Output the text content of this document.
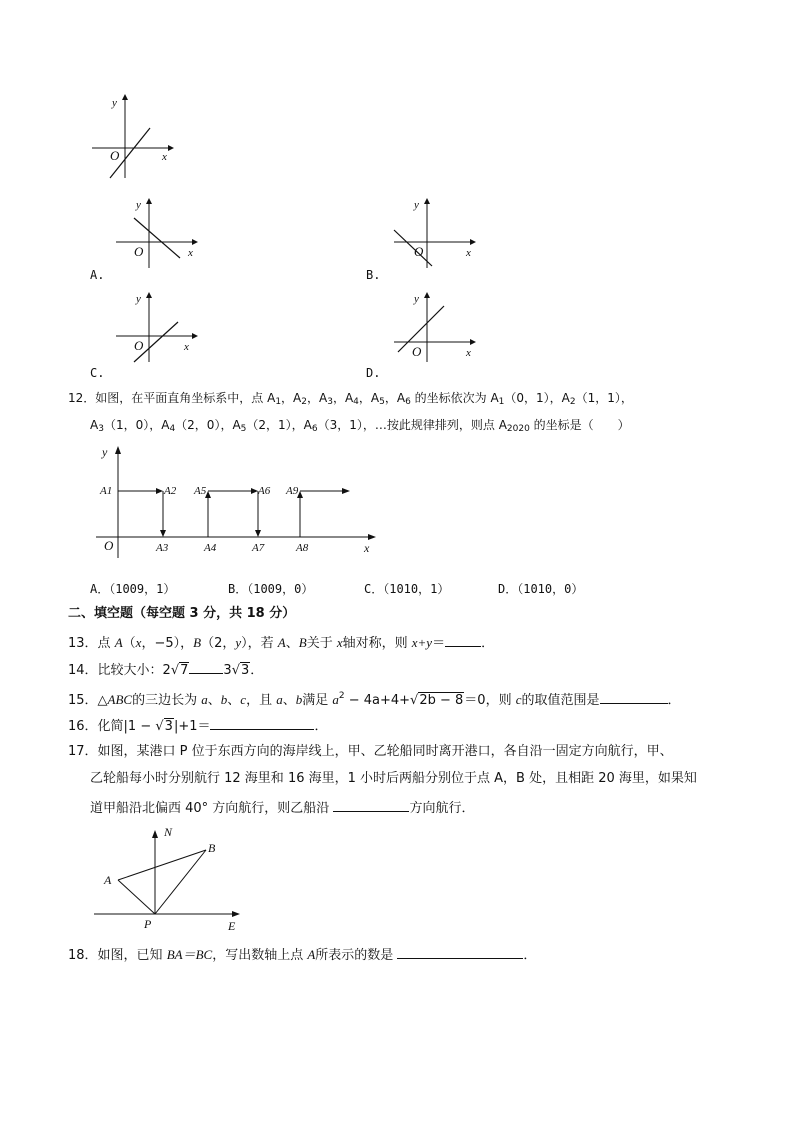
y
x
O
y
x
O
A.
y
x
O
B.
y
x
O
C.
y
x
O
D.
12．如图，在平面直角坐标系中，点 $A_1$，$A_2$，$A_3$，$A_4$，$A_5$，$A_6$ 的坐标依次为 $A_1(0$，1），$A_2(1$，1），
$A_3(1$，0），$A_4(2$，0），$A_5(2$，1），$A_6(3$，1），…按此规律排列，则点 $A_{2020}$ 的坐标是（　　）
y
x
O
A1	A2
A3	A4
A5	A6
A7	A8
A9
A．（1009，1）	B．（1009，0）	C．（1010，1）	D．（1010，0）
二、填空题（每空题 3 分，共 18 分）
13．点 A（x，−5），B（2，y），若 A、B关于 x轴对称，则 x+y＝	．
14．比较大小：2√7	3√3．
15．△ABC的三边长为 a、b、c，且 a、b满足 $a^2 - 4a+4+√2b - 8=0$，则 c的取值范围是	．
16．化简|1 − √3|+1＝	．
17．如图，某港口 P 位于东西方向的海岸线上，甲、乙轮船同时离开港口，各自沿一固定方向航行，甲、
乙轮船每小时分别航行 12 海里和 16 海里，1 小时后两船分别位于点 A，B 处，且相距 20 海里，如果知
道甲船沿北偏西 40° 方向航行，则乙船沿	方向航行．
N
B
A
P	E
18．如图，已知 BA＝BC，写出数轴上点 A所表示的数是	．
